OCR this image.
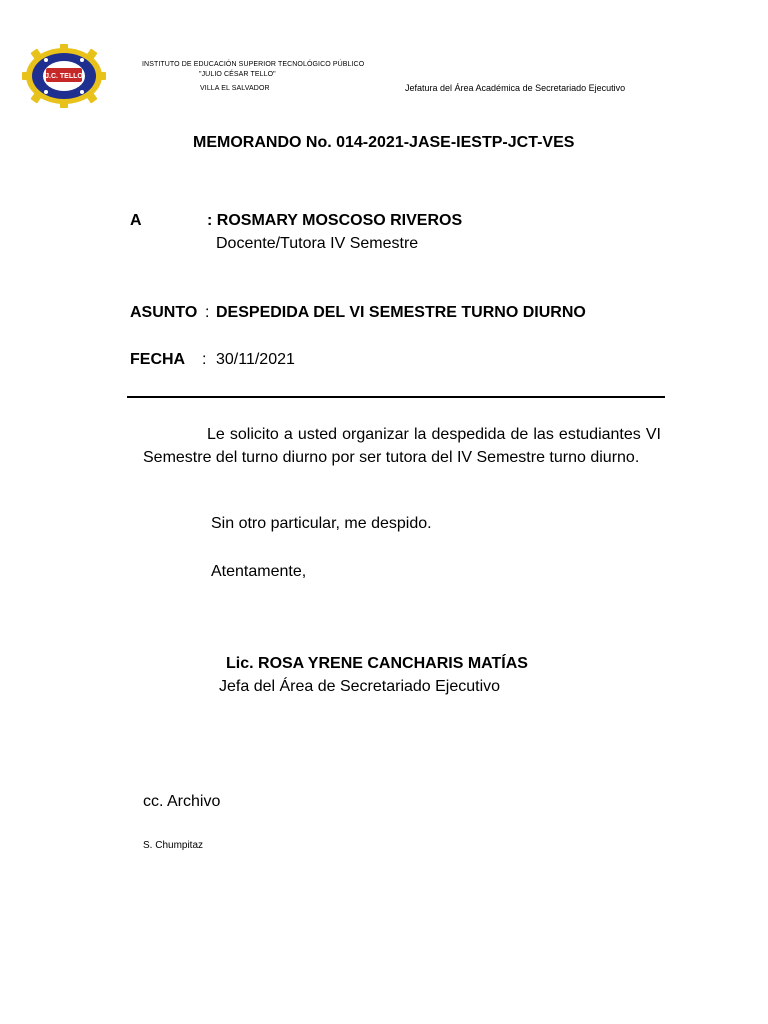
J.C. TELLO
INSTITUTO DE EDUCACIÓN SUPERIOR TECNOLÓGICO PÚBLICO
"JULIO CÉSAR TELLO"
VILLA EL SALVADOR	Jefatura del Área Académica de Secretariado Ejecutivo
MEMORANDO No. 014-2021-JASE-IESTP-JCT-VES
A	: ROSMARY MOSCOSO RIVEROS
Docente/Tutora IV Semestre
ASUNTO : DESPEDIDA DEL VI SEMESTRE TURNO DIURNO
FECHA : 30/11/2021
Le solicito a usted organizar la despedida de las estudiantes VI Semestre del turno diurno por ser tutora del IV Semestre turno diurno.
Sin otro particular, me despido.
Atentamente,
Lic. ROSA YRENE CANCHARIS MATÍAS
Jefa del Área de Secretariado Ejecutivo
cc. Archivo
S. Chumpitaz
